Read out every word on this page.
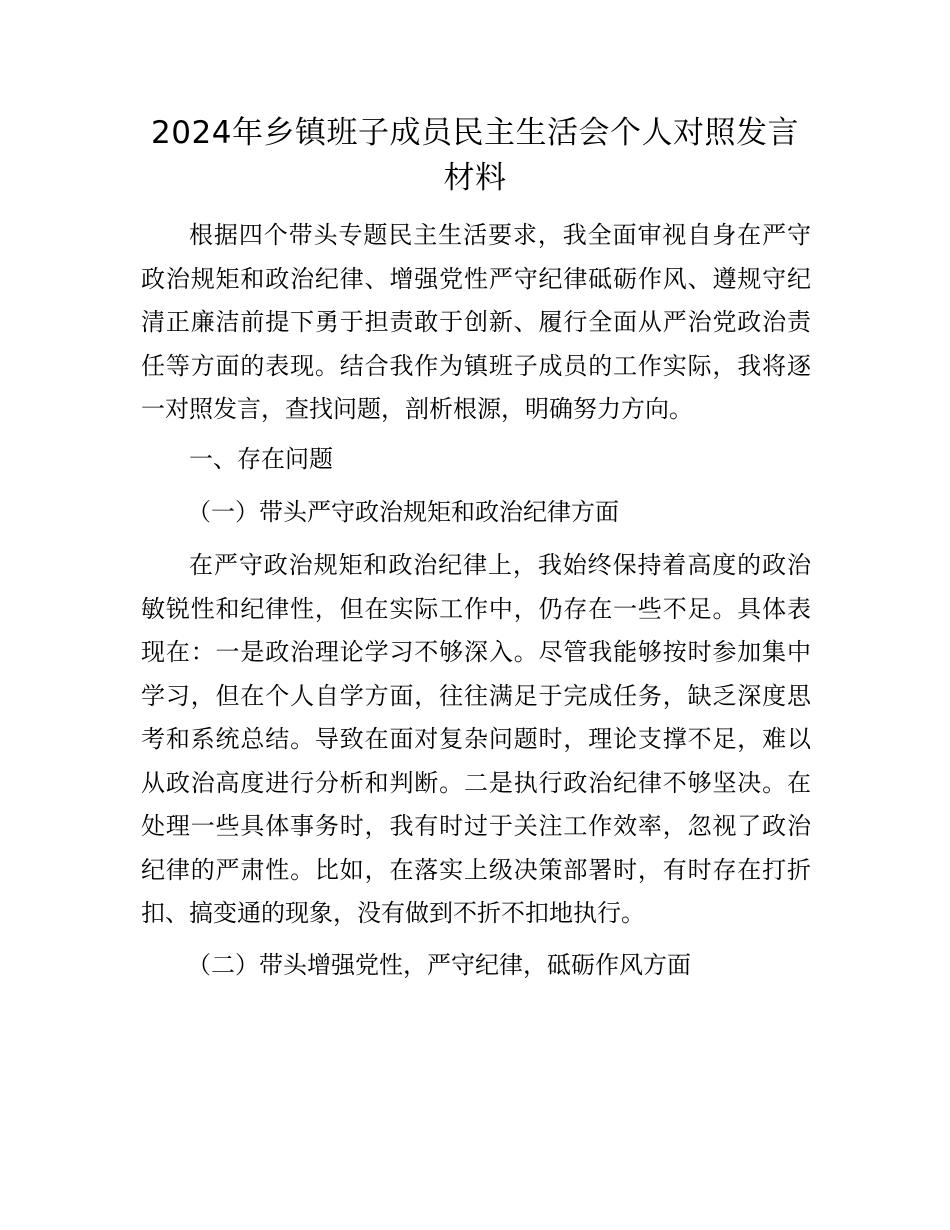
2024年乡镇班子成员民主生活会个人对照发言材料

根据四个带头专题民主生活要求，我全面审视自身在严守政治规矩和政治纪律、增强党性严守纪律砥砺作风、遵规守纪清正廉洁前提下勇于担责敢于创新、履行全面从严治党政治责任等方面的表现。结合我作为镇班子成员的工作实际，我将逐一对照发言，查找问题，剖析根源，明确努力方向。

一、存在问题

（一）带头严守政治规矩和政治纪律方面

在严守政治规矩和政治纪律上，我始终保持着高度的政治敏锐性和纪律性，但在实际工作中，仍存在一些不足。具体表现在：一是政治理论学习不够深入。尽管我能够按时参加集中学习，但在个人自学方面，往往满足于完成任务，缺乏深度思考和系统总结。导致在面对复杂问题时，理论支撑不足，难以从政治高度进行分析和判断。二是执行政治纪律不够坚决。在处理一些具体事务时，我有时过于关注工作效率，忽视了政治纪律的严肃性。比如，在落实上级决策部署时，有时存在打折扣、搞变通的现象，没有做到不折不扣地执行。

（二）带头增强党性，严守纪律，砥砺作风方面
